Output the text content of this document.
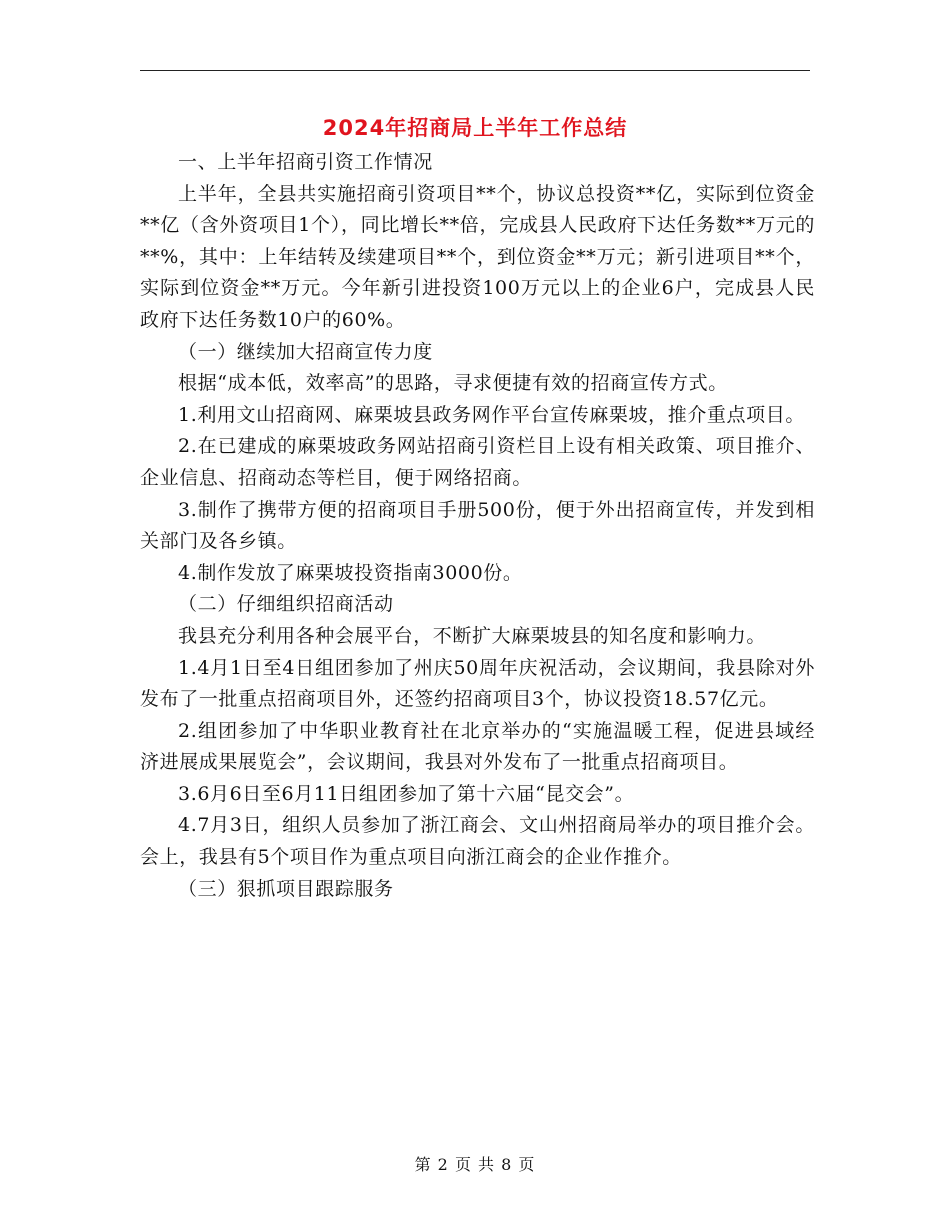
2024年招商局上半年工作总结

一、上半年招商引资工作情况

上半年，全县共实施招商引资项目**个，协议总投资**亿，实际到位资金**亿（含外资项目1个），同比增长**倍，完成县人民政府下达任务数**万元的**%，其中：上年结转及续建项目**个，到位资金**万元；新引进项目**个，实际到位资金**万元。今年新引进投资100万元以上的企业6户，完成县人民政府下达任务数10户的60%。

（一）继续加大招商宣传力度

根据“成本低，效率高”的思路，寻求便捷有效的招商宣传方式。

1.利用文山招商网、麻栗坡县政务网作平台宣传麻栗坡，推介重点项目。

2.在已建成的麻栗坡政务网站招商引资栏目上设有相关政策、项目推介、企业信息、招商动态等栏目，便于网络招商。

3.制作了携带方便的招商项目手册500份，便于外出招商宣传，并发到相关部门及各乡镇。

4.制作发放了麻栗坡投资指南3000份。

（二）仔细组织招商活动

我县充分利用各种会展平台，不断扩大麻栗坡县的知名度和影响力。

1.4月1日至4日组团参加了州庆50周年庆祝活动，会议期间，我县除对外发布了一批重点招商项目外，还签约招商项目3个，协议投资18.57亿元。

2.组团参加了中华职业教育社在北京举办的“实施温暖工程，促进县域经济进展成果展览会”，会议期间，我县对外发布了一批重点招商项目。

3.6月6日至6月11日组团参加了第十六届“昆交会”。

4.7月3日，组织人员参加了浙江商会、文山州招商局举办的项目推介会。会上，我县有5个项目作为重点项目向浙江商会的企业作推介。

（三）狠抓项目跟踪服务

第 2 页 共 8 页
